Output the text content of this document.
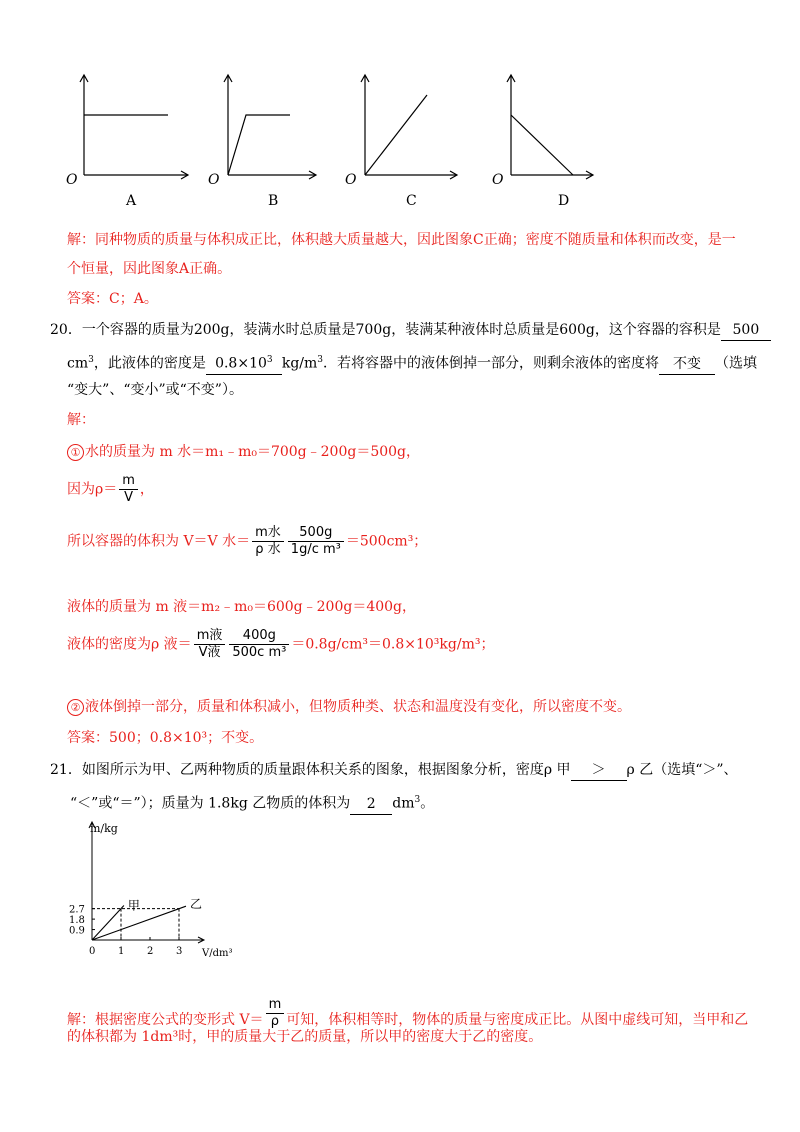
O	O	O	O
A	B	C	D
解：同种物质的质量与体积成正比，体积越大质量越大，因此图象C正确；密度不随质量和体积而改变，是一
个恒量，因此图象A正确。
答案：C；A。
20．一个容器的质量为200g，装满水时总质量是700g，装满某种液体时总质量是600g，这个容器的容积是 500
$cm^3$，此液体的密度是 $0.8\times 10^3$ $kg/m^3$．若将容器中的液体倒掉一部分，则剩余液体的密度将 不变 （选填
“变大”、“变小”或“不变”）。
解：
① 水的质量为 m 水＝m₁﹣m₀＝700g﹣200g＝500g，
因为$\rho= \frac{m}{V}$ ，
所以容器的体积为 V＝V 水＝ $\frac{\text{m水}}{\text{ρ 水}} \frac{500g}{\text{1g/c m³}} =500cm^3$；
液体的质量为 m 液＝m₂﹣m₀＝600g﹣200g＝400g，
液体的密度为ρ 液＝ $\frac{\text{m液}}{\text{V液}} \frac{400g}{\text{500c m³}} =0.8g/cm^3=0.8\times 10^3kg/m^3$；
② 液体倒掉一部分，质量和体积减小，但物质种类、状态和温度没有变化，所以密度不变。
答案：500；0.8×10³；不变。
21．如图所示为甲、乙两种物质的质量跟体积关系的图象，根据图象分析，密度ρ 甲 ＞ ρ 乙（选填“＞”、
“＜”或“＝”）；质量为 1.8kg 乙物质的体积为 2 $dm^3$。
m/kg
V/dm³
0 1 2 3
0.9
1.8
2.7	甲	乙
解：根据密度公式的变形式 $V= \frac{m}{\rho}$ 可知，体积相等时，物体的质量与密度成正比。从图中虚线可知，当甲和乙
的体积都为 1dm³时，甲的质量大于乙的质量，所以甲的密度大于乙的密度。
